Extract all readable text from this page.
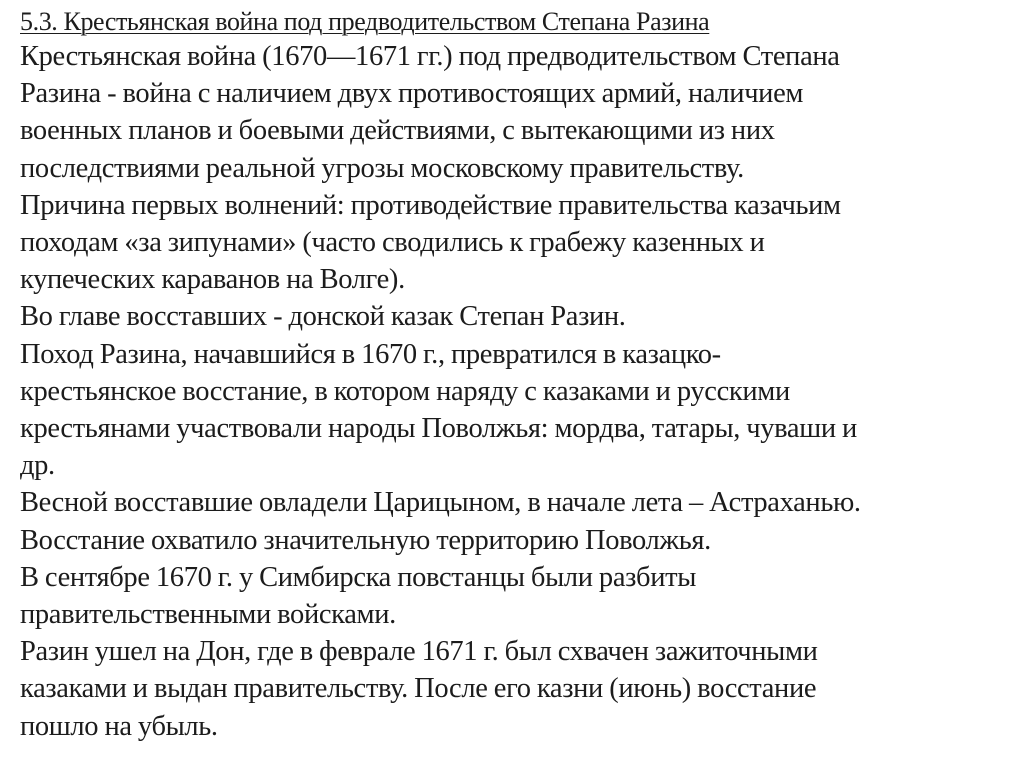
5.3. Крестьянская война под предводительством Степана Разина

Крестьянская война (1670—1671 гг.) под предводительством Степана
Разина - война с наличием двух противостоящих армий, наличием
военных планов и боевыми действиями, с вытекающими из них
последствиями реальной угрозы московскому правительству.

Причина первых волнений: противодействие правительства казачьим
походам «за зипунами» (часто сводились к грабежу казенных и
купеческих караванов на Волге).

Во главе восставших - донской казак Степан Разин.

Поход Разина, начавшийся в 1670 г., превратился в казацко-
крестьянское восстание, в котором наряду с казаками и русскими
крестьянами участвовали народы Поволжья: мордва, татары, чуваши и
др.

Весной восставшие овладели Царицыном, в начале лета – Астраханью.

Восстание охватило значительную территорию Поволжья.

В сентябре 1670 г. у Симбирска повстанцы были разбиты
правительственными войсками.

Разин ушел на Дон, где в феврале 1671 г. был схвачен зажиточными
казаками и выдан правительству. После его казни (июнь) восстание
пошло на убыль.
